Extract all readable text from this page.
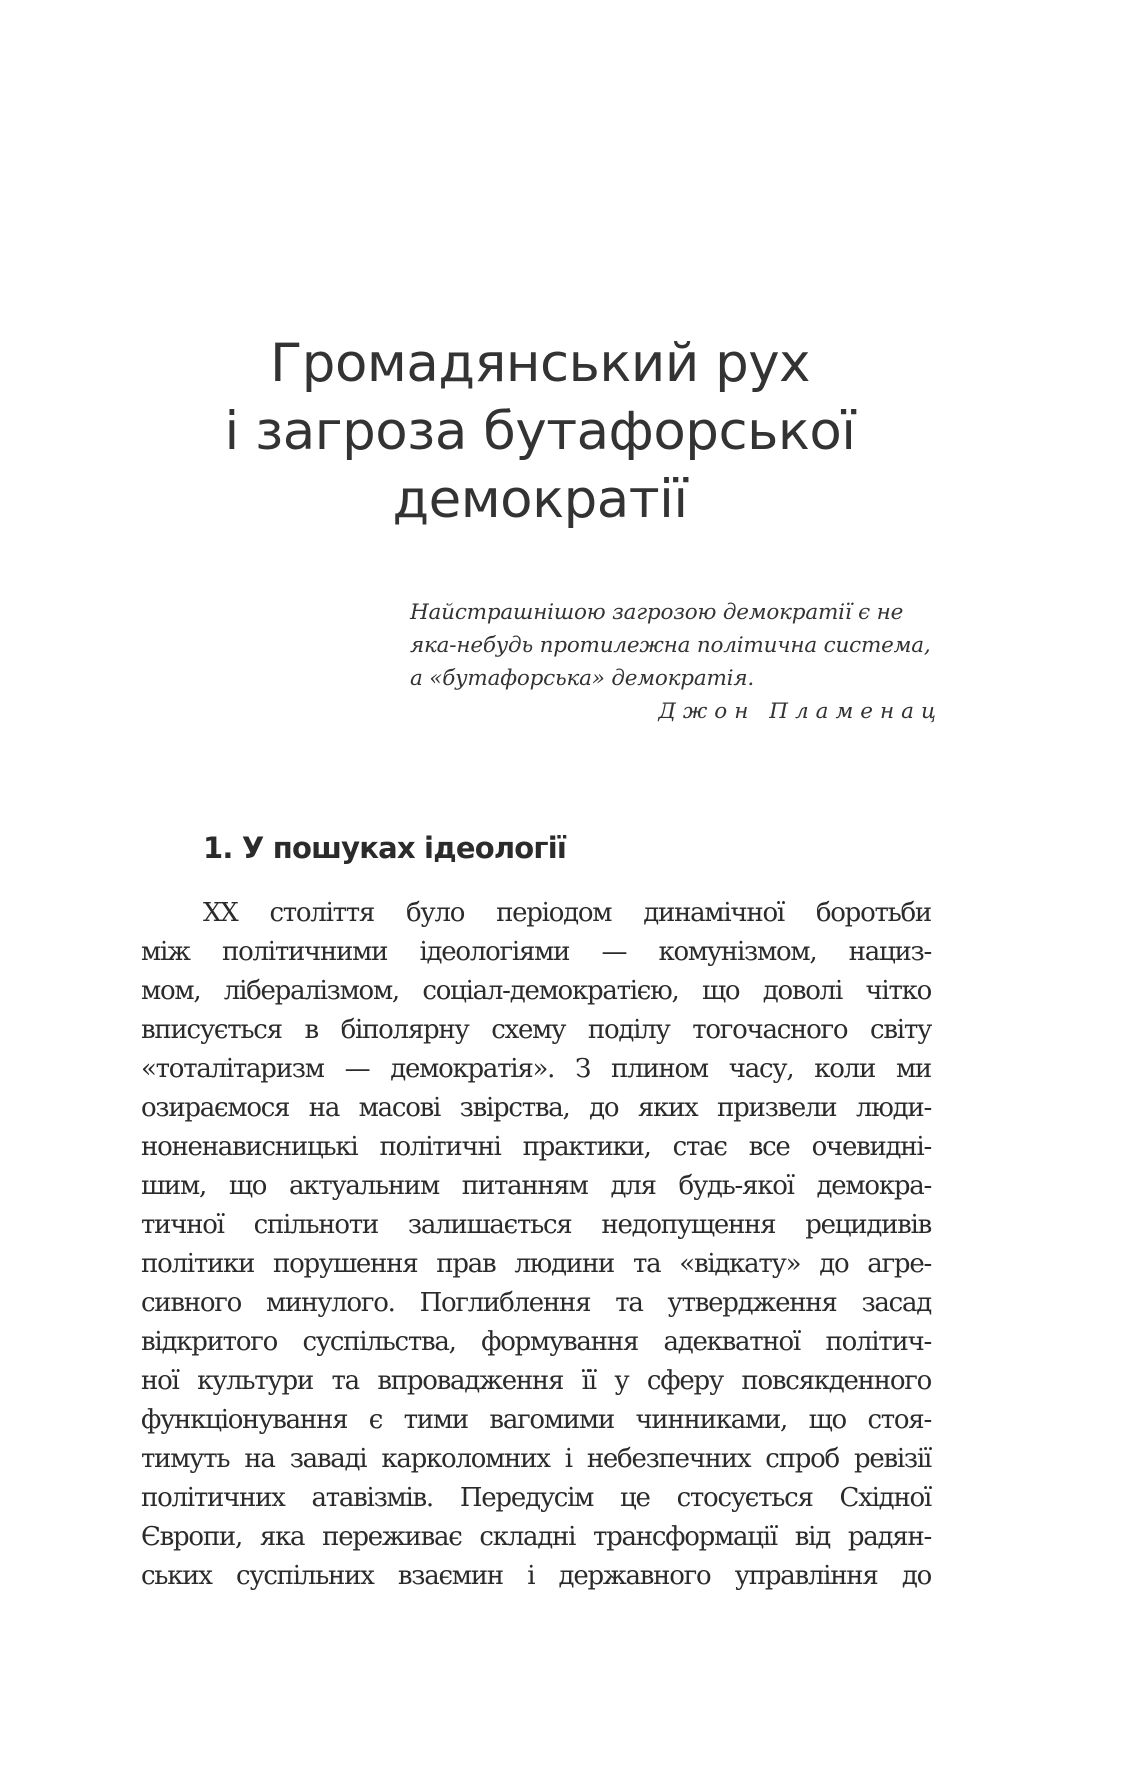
Громадянський рух
і загроза бутафорської
демократії
Найстрашнішою загрозою демократії є не
яка-небудь протилежна політична система,
а «бутафорська» демократія.
Джон Пламенац
1. У пошуках ідеології
XX століття було періодом динамічної боротьби
між політичними ідеологіями — комунізмом, нациз-
мом, лібералізмом, соціал-демократією, що доволі чітко
вписується в біполярну схему поділу тогочасного світу
«тоталітаризм — демократія». З плином часу, коли ми
озираємося на масові звірства, до яких призвели люди-
ноненависницькі політичні практики, стає все очевидні-
шим, що актуальним питанням для будь-якої демокра-
тичної спільноти залишається недопущення рецидивів
політики порушення прав людини та «відкату» до агре-
сивного минулого. Поглиблення та утвердження засад
відкритого суспільства, формування адекватної політич-
ної культури та впровадження її у сферу повсякденного
функціонування є тими вагомими чинниками, що стоя-
тимуть на заваді карколомних і небезпечних спроб ревізії
політичних атавізмів. Передусім це стосується Східної
Європи, яка переживає складні трансформації від радян-
ських суспільних взаємин і державного управління до
